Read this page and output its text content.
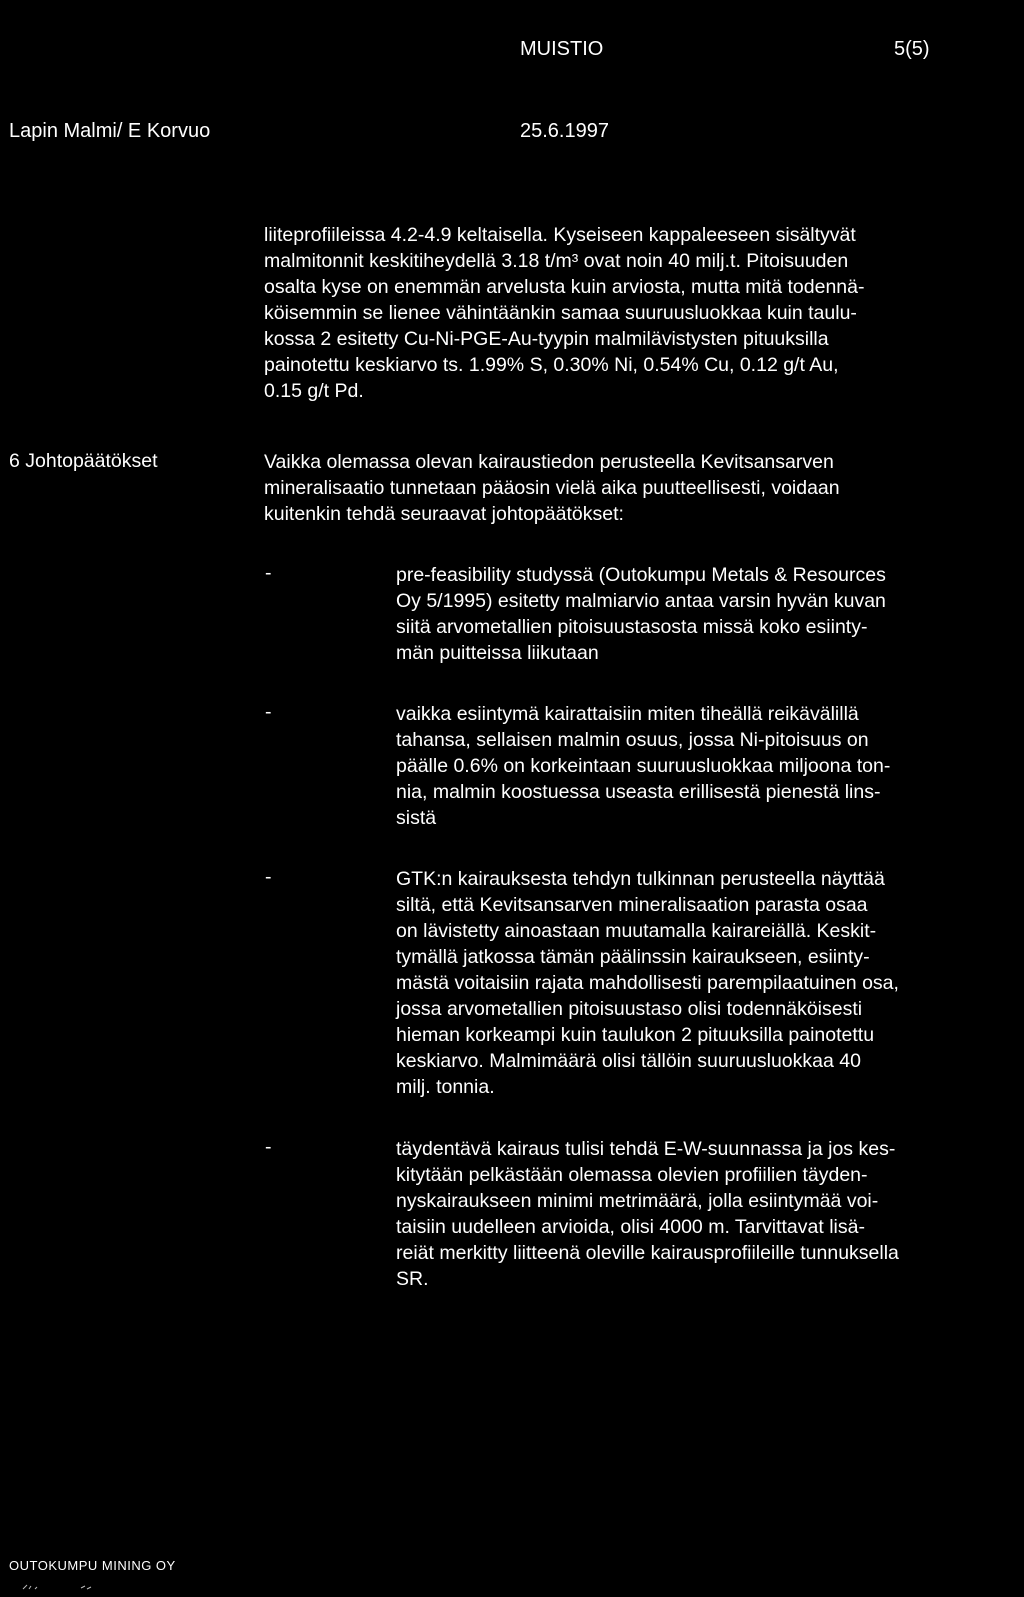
MUISTIO	5(5)
Lapin Malmi/ E Korvuo	25.6.1997

liiteprofiileissa 4.2-4.9 keltaisella. Kyseiseen kappaleeseen sisältyvät

malmitonnit keskitiheydellä 3.18 t/m³ ovat noin 40 milj.t. Pitoisuuden

osalta kyse on enemmän arvelusta kuin arviosta, mutta mitä todennä-

köisemmin se lienee vähintäänkin samaa suuruusluokkaa kuin taulu-

kossa 2 esitetty Cu-Ni-PGE-Au-tyypin malmilävistysten pituuksilla

painotettu keskiarvo ts. 1.99% S, 0.30% Ni, 0.54% Cu, 0.12 g/t Au,

0.15 g/t Pd.

6 Johtopäätökset	Vaikka olemassa olevan kairaustiedon perusteella Kevitsansarven

mineralisaatio tunnetaan pääosin vielä aika puutteellisesti, voidaan

kuitenkin tehdä seuraavat johtopäätökset:

-	pre-feasibility studyssä (Outokumpu Metals & Resources

Oy 5/1995) esitetty malmiarvio antaa varsin hyvän kuvan

siitä arvometallien pitoisuustasosta missä koko esiinty-

män puitteissa liikutaan

-	vaikka esiintymä kairattaisiin miten tiheällä reikävälillä

tahansa, sellaisen malmin osuus, jossa Ni-pitoisuus on

päälle 0.6% on korkeintaan suuruusluokkaa miljoona ton-

nia, malmin koostuessa useasta erillisestä pienestä lins-

sistä

-	GTK:n kairauksesta tehdyn tulkinnan perusteella näyttää

siltä, että Kevitsansarven mineralisaation parasta osaa

on lävistetty ainoastaan muutamalla kairareiällä. Keskit-

tymällä jatkossa tämän päälinssin kairaukseen, esiinty-

mästä voitaisiin rajata mahdollisesti parempilaatuinen osa,

jossa arvometallien pitoisuustaso olisi todennäköisesti

hieman korkeampi kuin taulukon 2 pituuksilla painotettu

keskiarvo. Malmimäärä olisi tällöin suuruusluokkaa 40

milj. tonnia.

-	täydentävä kairaus tulisi tehdä E-W-suunnassa ja jos kes-

kitytään pelkästään olemassa olevien profiilien täyden-

nyskairaukseen minimi metrimäärä, jolla esiintymää voi-

taisiin uudelleen arvioida, olisi 4000 m. Tarvittavat lisä-

reiät merkitty liitteenä oleville kairausprofiileille tunnuksella

SR.

OUTOKUMPU MINING OY
